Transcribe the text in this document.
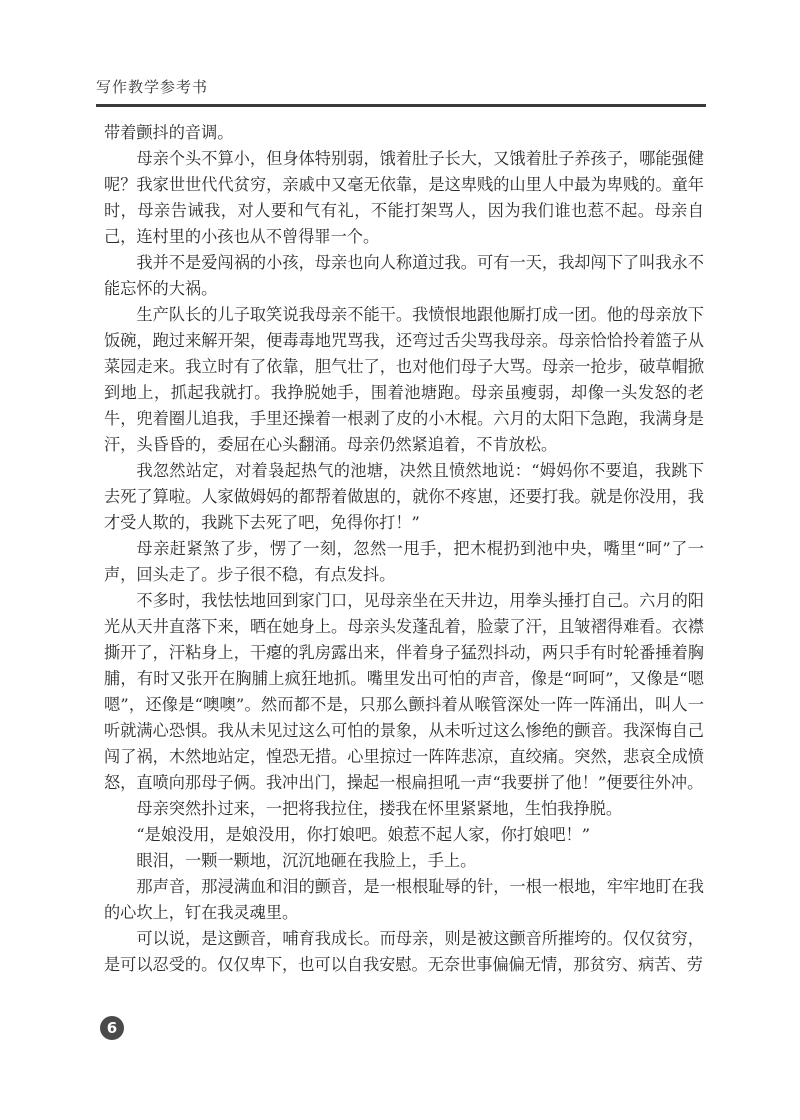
写作教学参考书

带着颤抖的音调。

母亲个头不算小，但身体特别弱，饿着肚子长大，又饿着肚子养孩子，哪能强健呢？我家世世代代贫穷，亲戚中又毫无依靠，是这卑贱的山里人中最为卑贱的。童年时，母亲告诫我，对人要和气有礼，不能打架骂人，因为我们谁也惹不起。母亲自己，连村里的小孩也从不曾得罪一个。

我并不是爱闯祸的小孩，母亲也向人称道过我。可有一天，我却闯下了叫我永不能忘怀的大祸。

生产队长的儿子取笑说我母亲不能干。我愤恨地跟他厮打成一团。他的母亲放下饭碗，跑过来解开架，便毒毒地咒骂我，还弯过舌尖骂我母亲。母亲恰恰拎着篮子从菜园走来。我立时有了依靠，胆气壮了，也对他们母子大骂。母亲一抢步，破草帽掀到地上，抓起我就打。我挣脱她手，围着池塘跑。母亲虽瘦弱，却像一头发怒的老牛，兜着圈儿追我，手里还操着一根剥了皮的小木棍。六月的太阳下急跑，我满身是汗，头昏昏的，委屈在心头翻涌。母亲仍然紧追着，不肯放松。

我忽然站定，对着袅起热气的池塘，决然且愤然地说：“姆妈你不要追，我跳下去死了算啦。人家做姆妈的都帮着做崽的，就你不疼崽，还要打我。就是你没用，我才受人欺的，我跳下去死了吧，免得你打！”

母亲赶紧煞了步，愣了一刻，忽然一甩手，把木棍扔到池中央，嘴里“呵”了一声，回头走了。步子很不稳，有点发抖。

不多时，我怯怯地回到家门口，见母亲坐在天井边，用拳头捶打自己。六月的阳光从天井直落下来，晒在她身上。母亲头发蓬乱着，脸蒙了汗，且皱褶得难看。衣襟撕开了，汗粘身上，干瘪的乳房露出来，伴着身子猛烈抖动，两只手有时轮番捶着胸脯，有时又张开在胸脯上疯狂地抓。嘴里发出可怕的声音，像是“呵呵”，又像是“嗯嗯”，还像是“噢噢”。然而都不是，只那么颤抖着从喉管深处一阵一阵涌出，叫人一听就满心恐惧。我从未见过这么可怕的景象，从未听过这么惨绝的颤音。我深悔自己闯了祸，木然地站定，惶恐无措。心里掠过一阵阵悲凉，直绞痛。突然，悲哀全成愤怒，直喷向那母子俩。我冲出门，操起一根扁担吼一声“我要拼了他！”便要往外冲。

母亲突然扑过来，一把将我拉住，搂我在怀里紧紧地，生怕我挣脱。

“是娘没用，是娘没用，你打娘吧。娘惹不起人家，你打娘吧！”

眼泪，一颗一颗地，沉沉地砸在我脸上，手上。

那声音，那浸满血和泪的颤音，是一根根耻辱的针，一根一根地，牢牢地盯在我的心坎上，钉在我灵魂里。

可以说，是这颤音，哺育我成长。而母亲，则是被这颤音所摧垮的。仅仅贫穷，是可以忍受的。仅仅卑下，也可以自我安慰。无奈世事偏偏无情，那贫穷、病苦、劳

6
